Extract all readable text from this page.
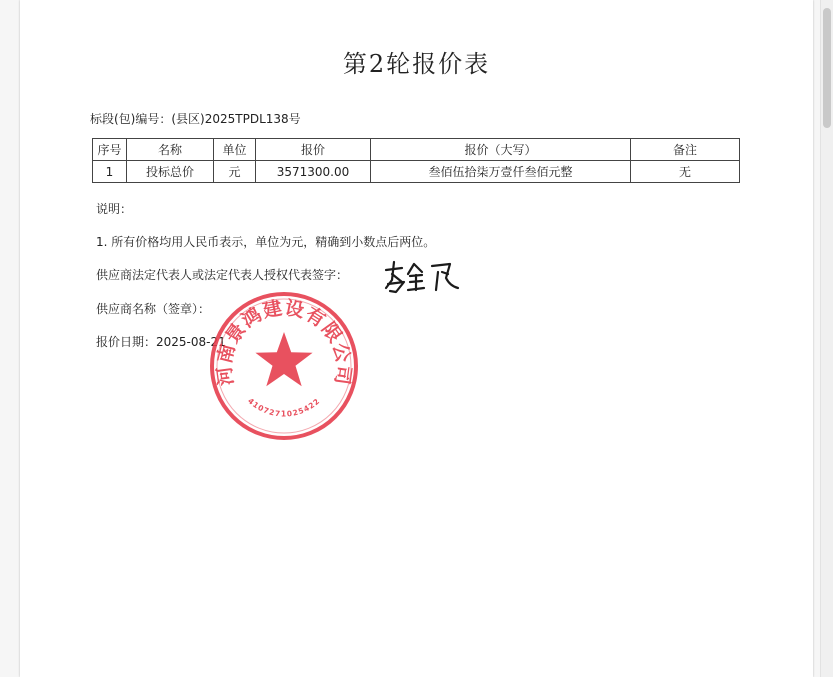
第2轮报价表
标段(包)编号：(县区)2025TPDL138号
序号	名称	单位	报价	报价（大写）	备注
1	投标总价	元	3571300.00	叁佰伍拾柒万壹仟叁佰元整	无
说明：
1. 所有价格均用人民币表示，单位为元，精确到小数点后两位。
供应商法定代表人或法定代表人授权代表签字：
供应商名称（签章）：
报价日期：2025-08-21
河南景鸿建设有限公司
4107271025422
